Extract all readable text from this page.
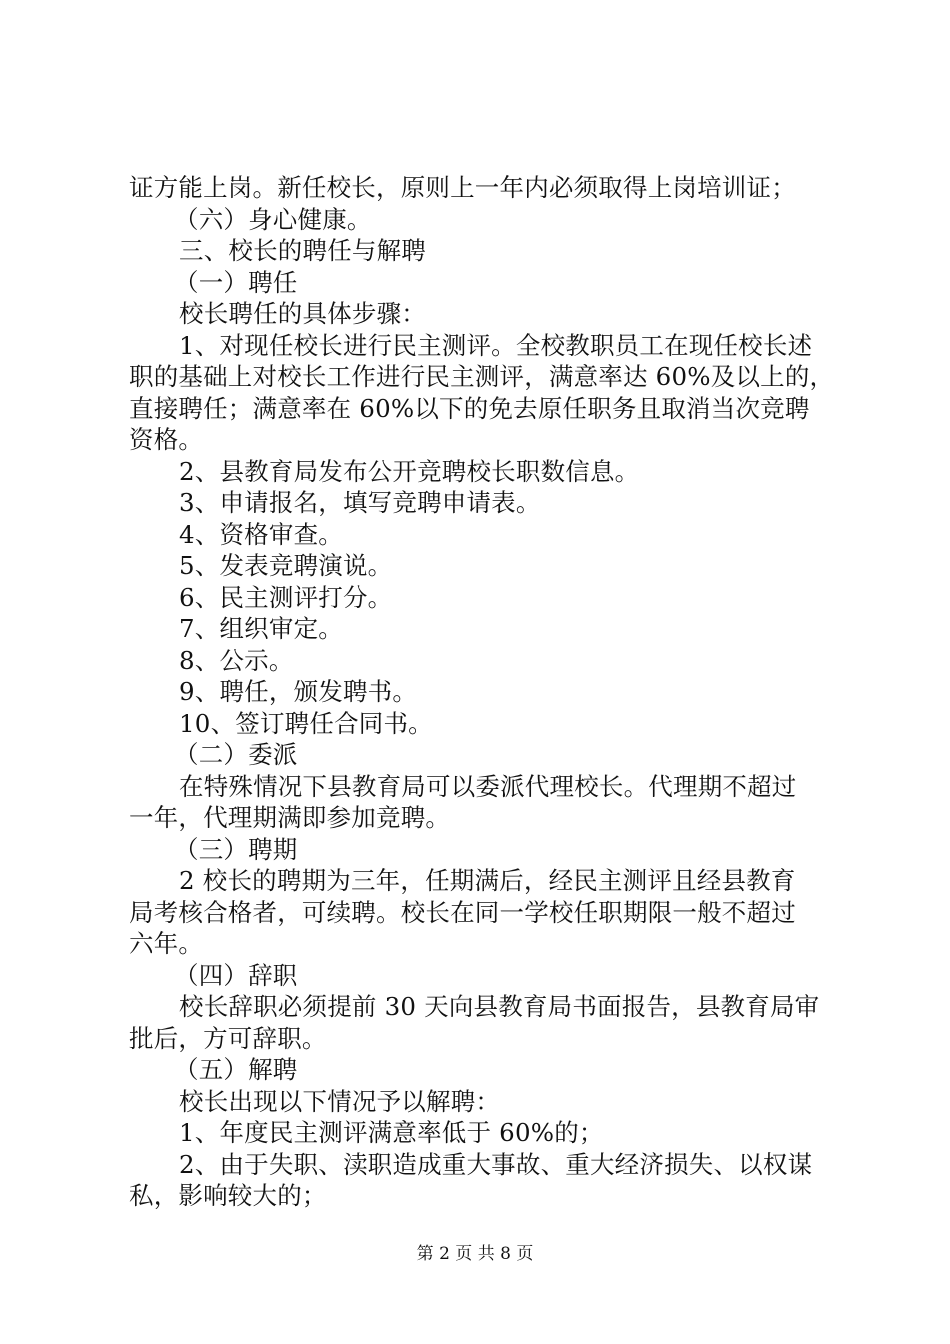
证方能上岗。新任校长，原则上一年内必须取得上岗培训证；
（六）身心健康。
三、校长的聘任与解聘
（一）聘任
校长聘任的具体步骤：
1、对现任校长进行民主测评。全校教职员工在现任校长述
职的基础上对校长工作进行民主测评，满意率达 60%及以上的，
直接聘任；满意率在 60%以下的免去原任职务且取消当次竞聘
资格。
2、县教育局发布公开竞聘校长职数信息。
3、申请报名，填写竞聘申请表。
4、资格审查。
5、发表竞聘演说。
6、民主测评打分。
7、组织审定。
8、公示。
9、聘任，颁发聘书。
10、签订聘任合同书。
（二）委派
在特殊情况下县教育局可以委派代理校长。代理期不超过
一年，代理期满即参加竞聘。
（三）聘期
2 校长的聘期为三年，任期满后，经民主测评且经县教育
局考核合格者，可续聘。校长在同一学校任职期限一般不超过
六年。
（四）辞职
校长辞职必须提前 30 天向县教育局书面报告，县教育局审
批后，方可辞职。
（五）解聘
校长出现以下情况予以解聘：
1、年度民主测评满意率低于 60%的；
2、由于失职、渎职造成重大事故、重大经济损失、以权谋
私，影响较大的；
第 2 页 共 8 页
